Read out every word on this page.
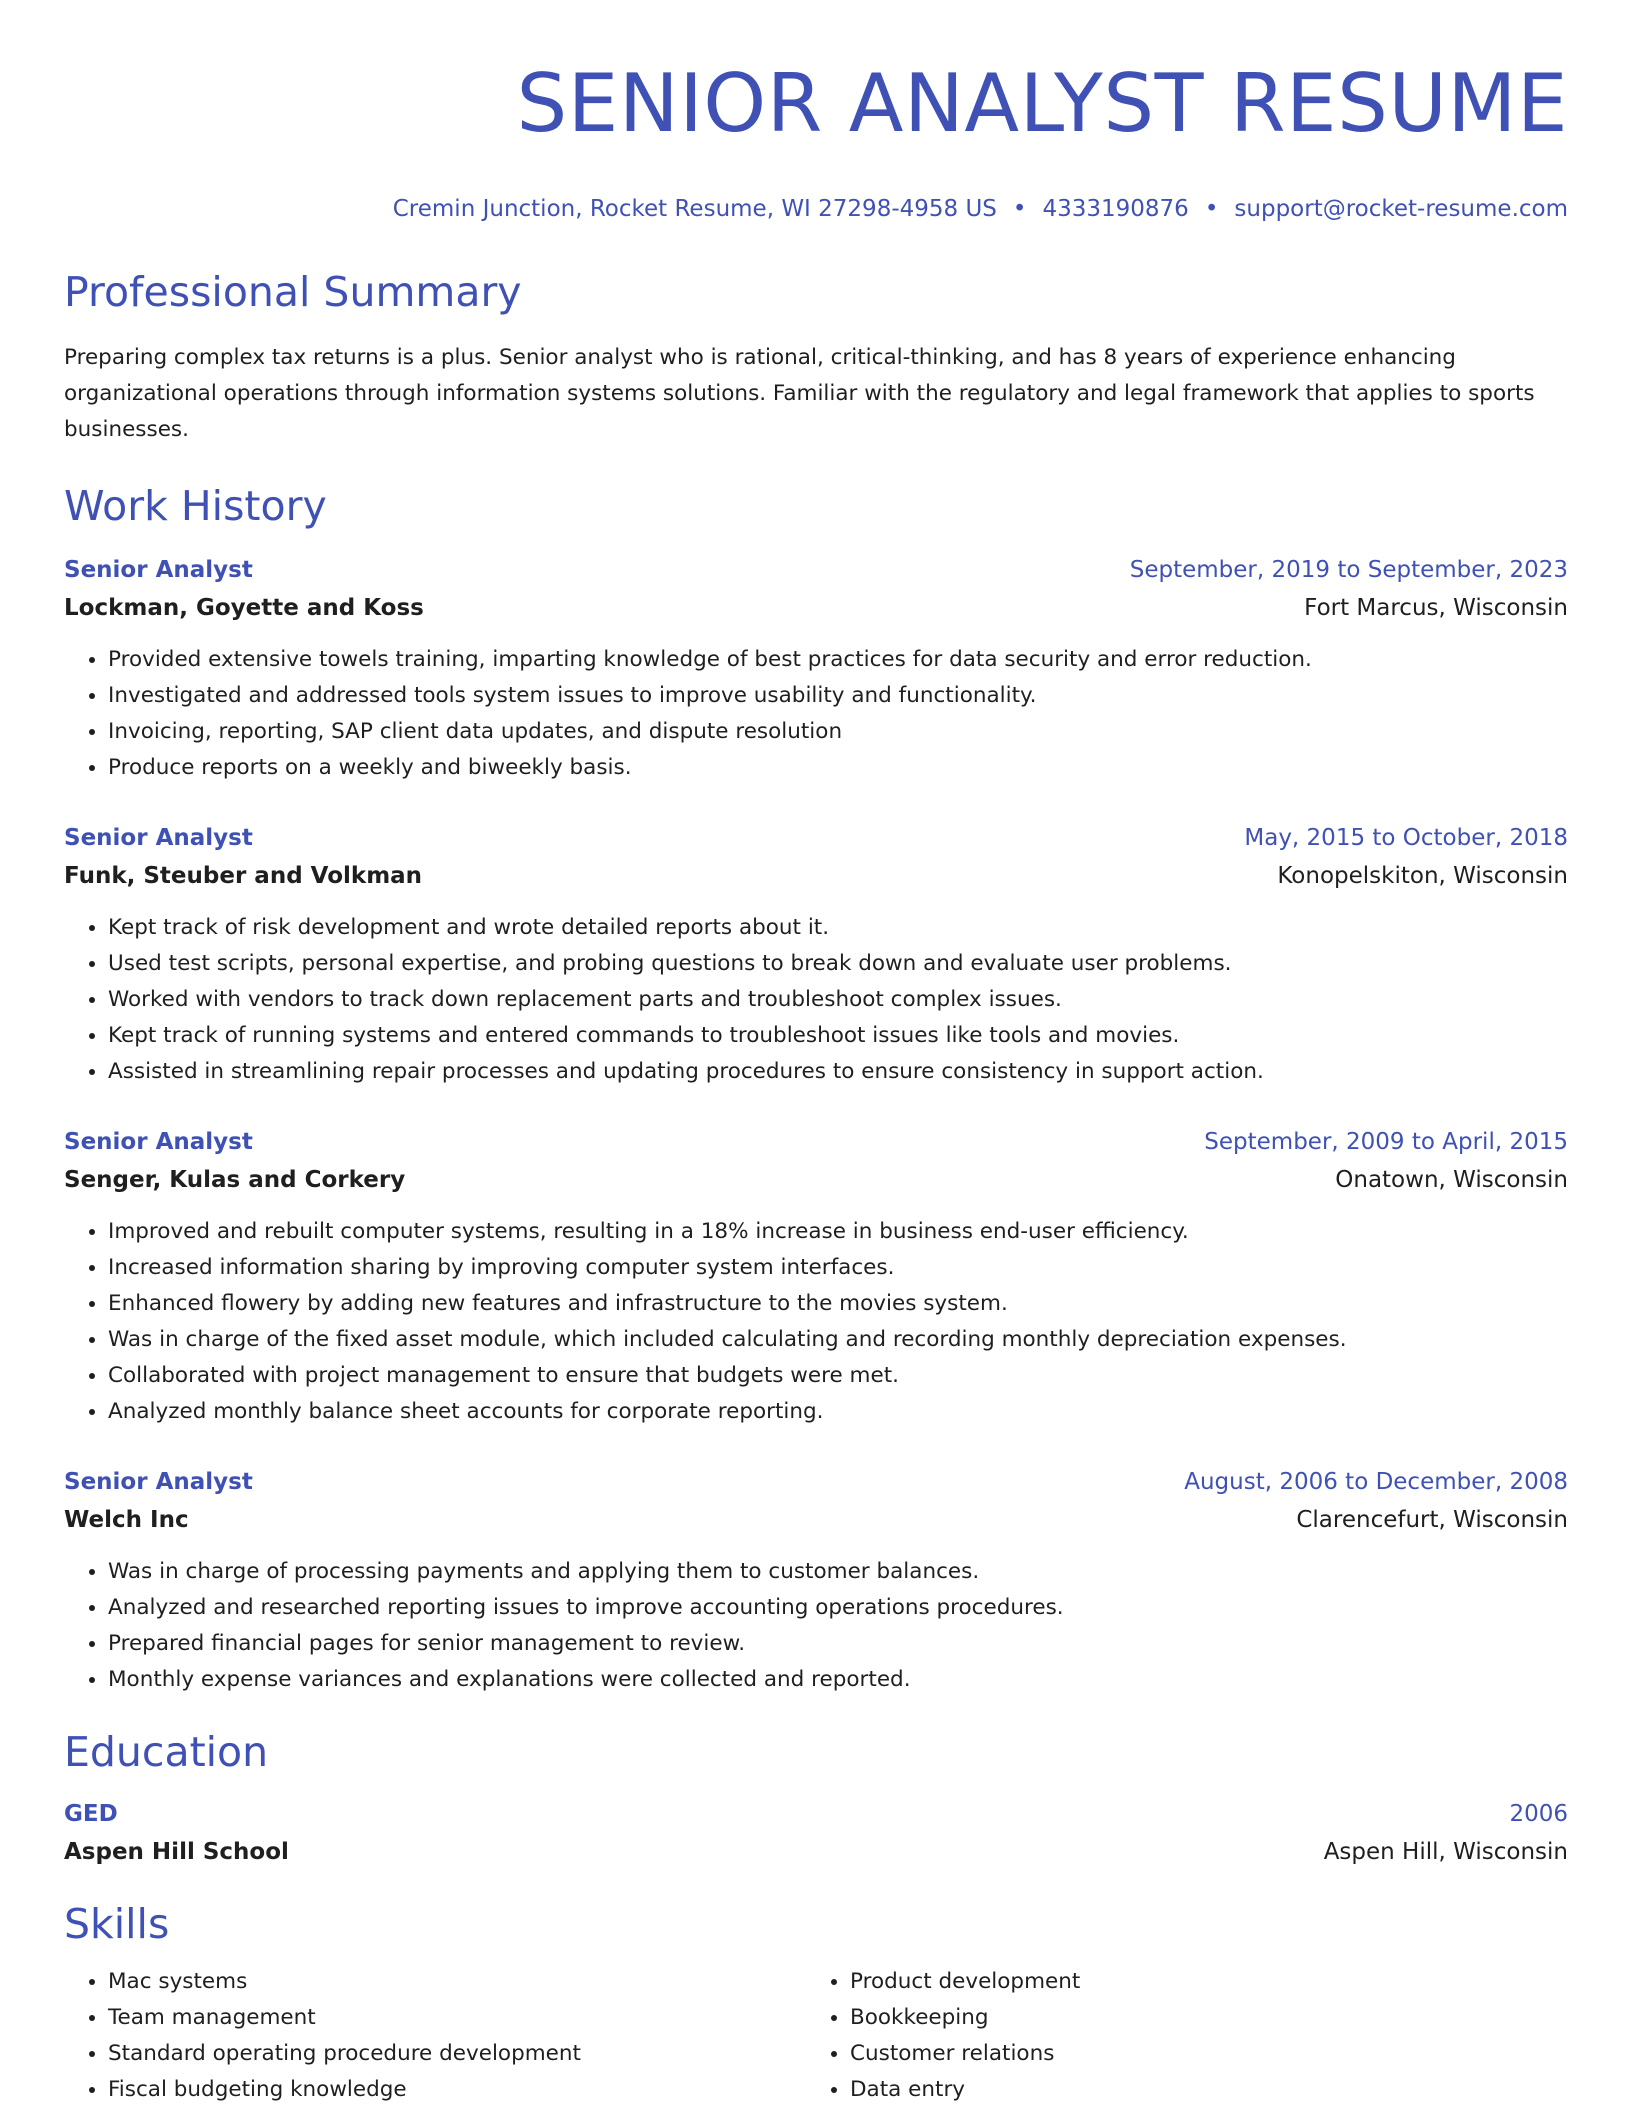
SENIOR ANALYST RESUME
Cremin Junction, Rocket Resume, WI 27298-4958 US • 4333190876 • support@rocket-resume.com
Professional Summary

Preparing complex tax returns is a plus. Senior analyst who is rational, critical-thinking, and has 8 years of experience enhancing organizational operations through information systems solutions. Familiar with the regulatory and legal framework that applies to sports businesses.

Work History
Senior Analyst	September, 2019 to September, 2023
Lockman, Goyette and Koss	Fort Marcus, Wisconsin
• Provided extensive towels training, imparting knowledge of best practices for data security and error reduction.
• Investigated and addressed tools system issues to improve usability and functionality.
• Invoicing, reporting, SAP client data updates, and dispute resolution
• Produce reports on a weekly and biweekly basis.
Senior Analyst	May, 2015 to October, 2018
Funk, Steuber and Volkman	Konopelskiton, Wisconsin
• Kept track of risk development and wrote detailed reports about it.
• Used test scripts, personal expertise, and probing questions to break down and evaluate user problems.
• Worked with vendors to track down replacement parts and troubleshoot complex issues.
• Kept track of running systems and entered commands to troubleshoot issues like tools and movies.
• Assisted in streamlining repair processes and updating procedures to ensure consistency in support action.
Senior Analyst	September, 2009 to April, 2015
Senger, Kulas and Corkery	Onatown, Wisconsin
• Improved and rebuilt computer systems, resulting in a 18% increase in business end-user efficiency.
• Increased information sharing by improving computer system interfaces.
• Enhanced flowery by adding new features and infrastructure to the movies system.
• Was in charge of the fixed asset module, which included calculating and recording monthly depreciation expenses.
• Collaborated with project management to ensure that budgets were met.
• Analyzed monthly balance sheet accounts for corporate reporting.
Senior Analyst	August, 2006 to December, 2008
Welch Inc	Clarencefurt, Wisconsin
• Was in charge of processing payments and applying them to customer balances.
• Analyzed and researched reporting issues to improve accounting operations procedures.
• Prepared financial pages for senior management to review.
• Monthly expense variances and explanations were collected and reported.
Education
GED	2006
Aspen Hill School	Aspen Hill, Wisconsin
Skills
• Mac systems
• Team management
• Standard operating procedure development
• Fiscal budgeting knowledge
• Product development
• Bookkeeping
• Customer relations
• Data entry
